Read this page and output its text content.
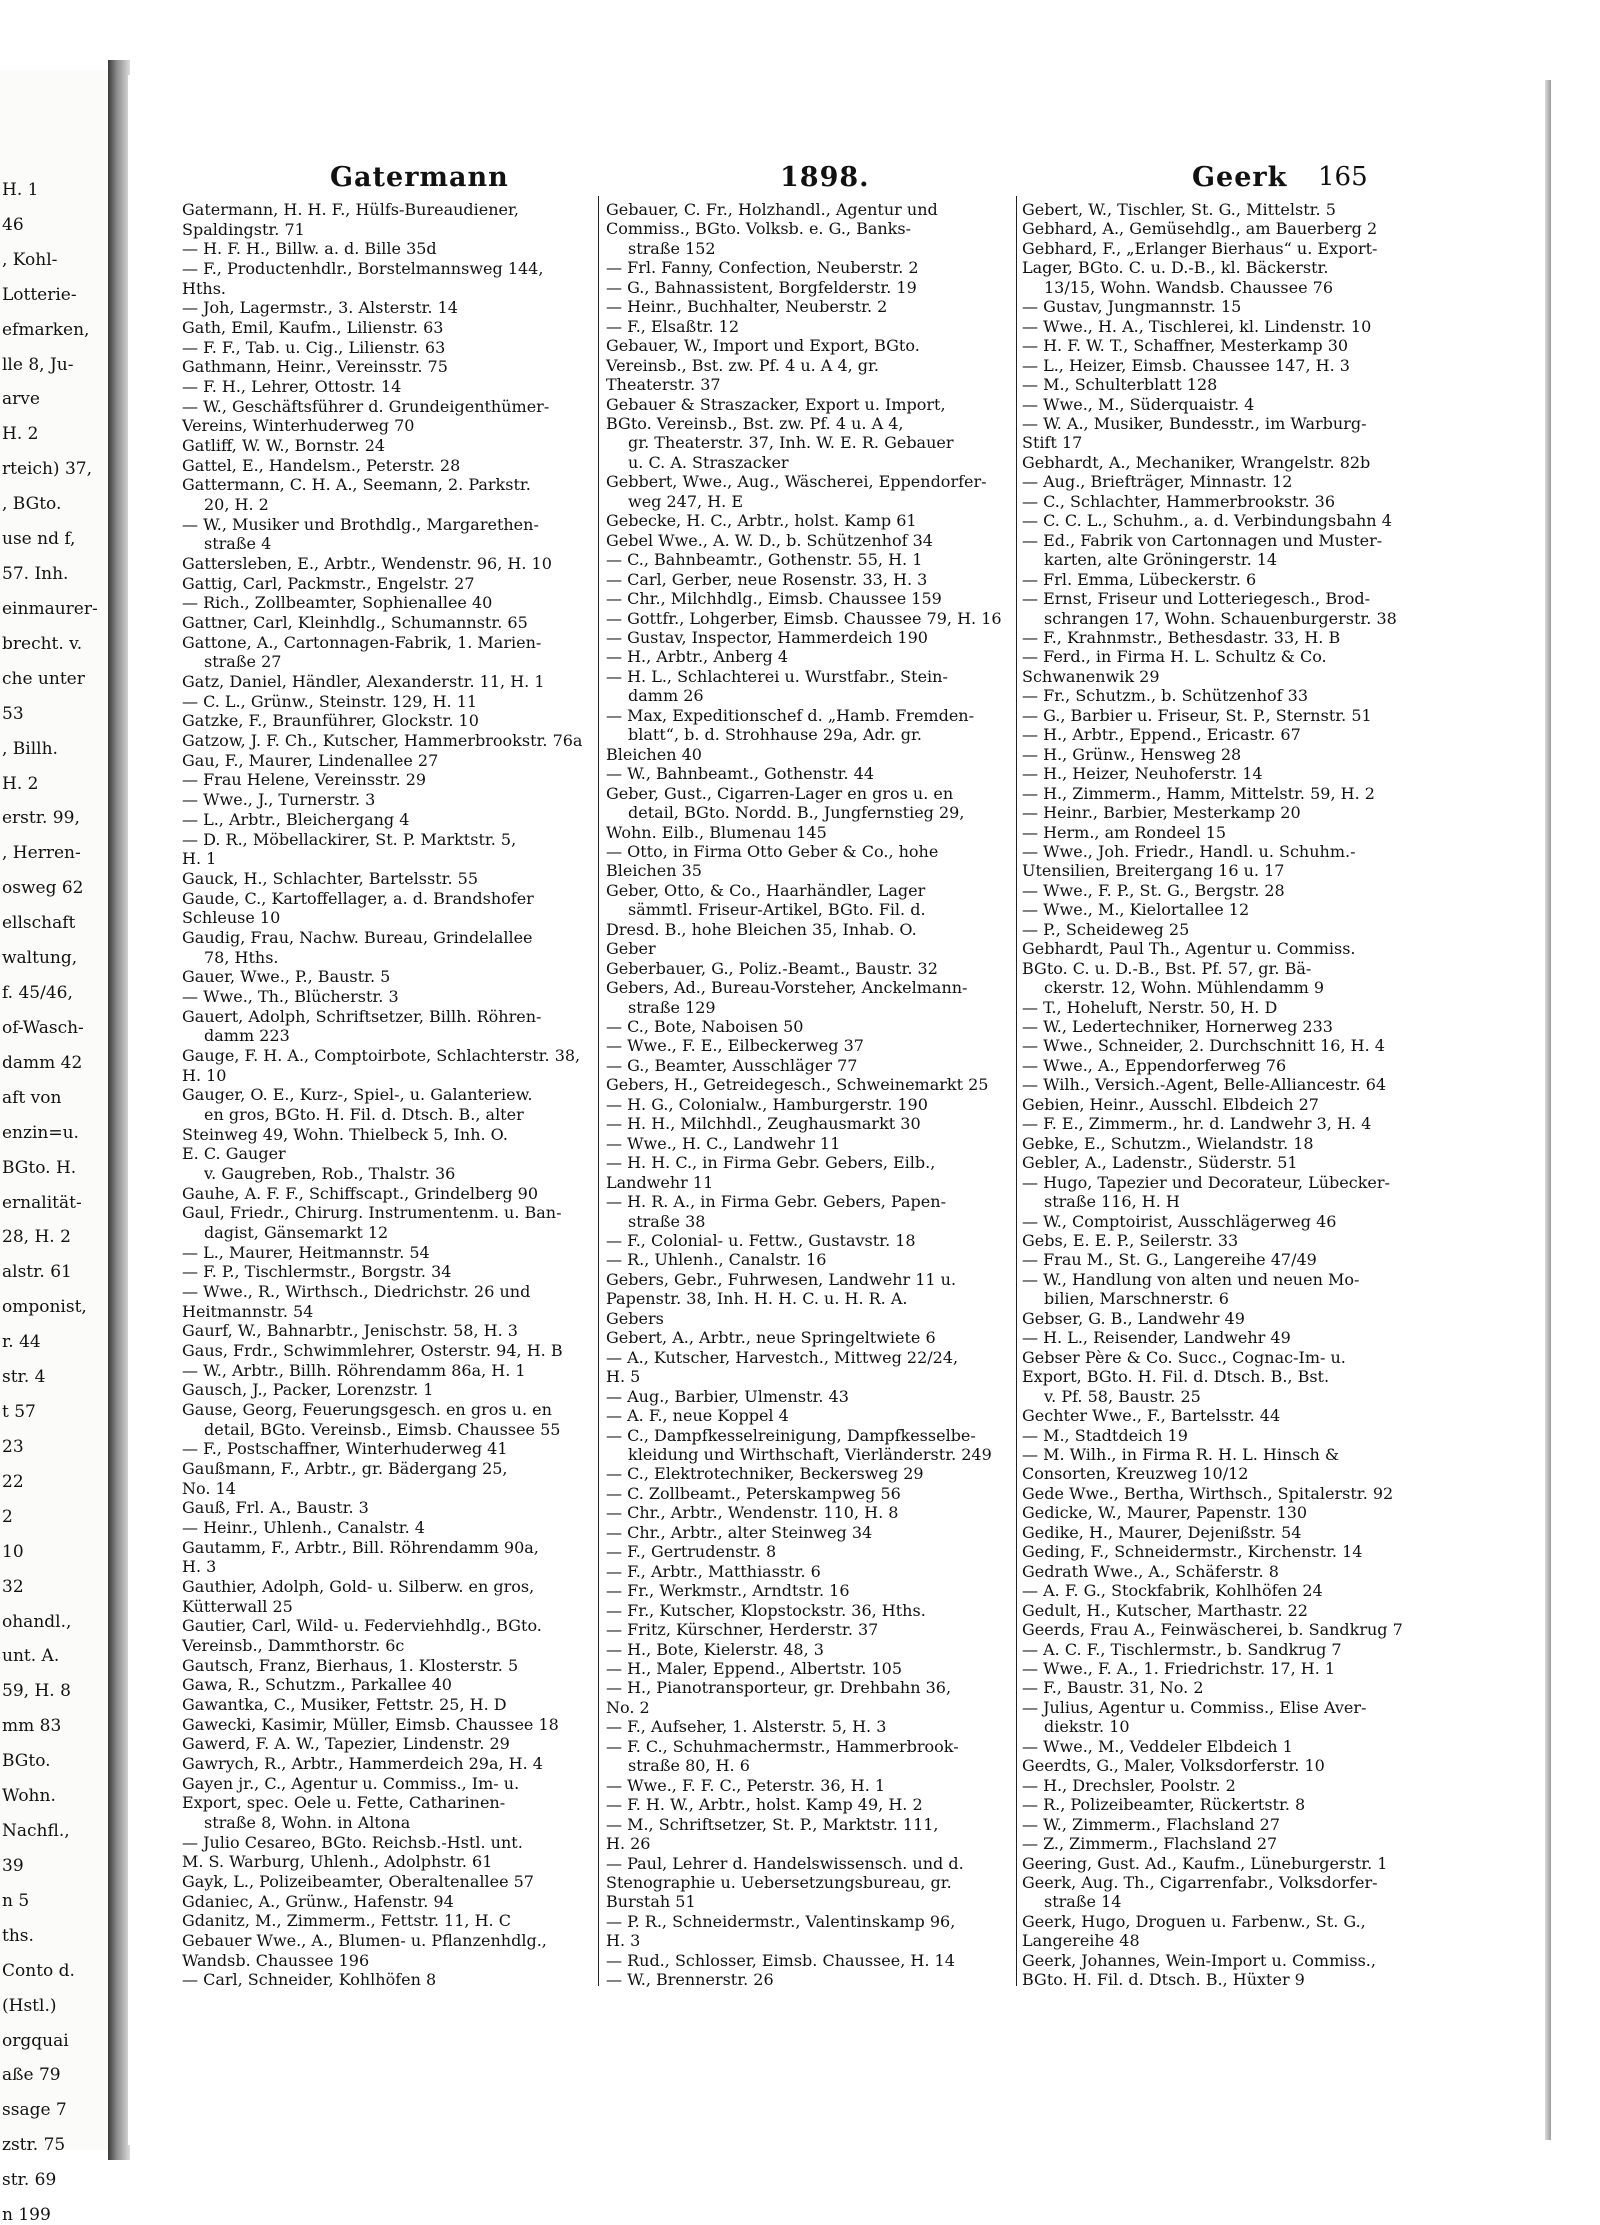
H. 1
46
, Kohl-
Lotterie-
efmarken,
lle 8, Ju-
arve
H. 2
rteich) 37,
, BGto.
use nd f,
57. Inh.
einmaurer-
brecht. v.
che unter
53
, Billh.
H. 2
erstr. 99,
, Herren-
osweg 62
ellschaft
waltung,
f. 45/46,
of-Wasch-
damm 42
aft von
enzin=u.
BGto. H.
ernalität-
28, H. 2
alstr. 61
omponist,
r. 44
str. 4
t 57
23
22
2
10
32
ohandl.,
unt. A.
59, H. 8
mm 83
BGto.
Wohn.
Nachfl.,
39
n 5
ths.
Conto d.
(Hstl.)
orgquai
aße 79
ssage 7
zstr. 75
str. 69
n 199
Gatermann	1898.	Geerk 165
Gatermann, H. H. F., Hülfs-Bureaudiener,
Spaldingstr. 71
— H. F. H., Billw. a. d. Bille 35d
— F., Productenhdlr., Borstelmannsweg 144,
Hths.
— Joh, Lagermstr., 3. Alsterstr. 14
Gath, Emil, Kaufm., Lilienstr. 63
— F. F., Tab. u. Cig., Lilienstr. 63
Gathmann, Heinr., Vereinsstr. 75
— F. H., Lehrer, Ottostr. 14
— W., Geschäftsführer d. Grundeigenthümer-
Vereins, Winterhuderweg 70
Gatliff, W. W., Bornstr. 24
Gattel, E., Handelsm., Peterstr. 28
Gattermann, C. H. A., Seemann, 2. Parkstr.
20, H. 2
— W., Musiker und Brothdlg., Margarethen-
straße 4
Gattersleben, E., Arbtr., Wendenstr. 96, H. 10
Gattig, Carl, Packmstr., Engelstr. 27
— Rich., Zollbeamter, Sophienallee 40
Gattner, Carl, Kleinhdlg., Schumannstr. 65
Gattone, A., Cartonnagen-Fabrik, 1. Marien-
straße 27
Gatz, Daniel, Händler, Alexanderstr. 11, H. 1
— C. L., Grünw., Steinstr. 129, H. 11
Gatzke, F., Braunführer, Glockstr. 10
Gatzow, J. F. Ch., Kutscher, Hammerbrookstr. 76a
Gau, F., Maurer, Lindenallee 27
— Frau Helene, Vereinsstr. 29
— Wwe., J., Turnerstr. 3
— L., Arbtr., Bleichergang 4
— D. R., Möbellackirer, St. P. Marktstr. 5,
H. 1
Gauck, H., Schlachter, Bartelsstr. 55
Gaude, C., Kartoffellager, a. d. Brandshofer
Schleuse 10
Gaudig, Frau, Nachw. Bureau, Grindelallee
78, Hths.
Gauer, Wwe., P., Baustr. 5
— Wwe., Th., Blücherstr. 3
Gauert, Adolph, Schriftsetzer, Billh. Röhren-
damm 223
Gauge, F. H. A., Comptoirbote, Schlachterstr. 38,
H. 10
Gauger, O. E., Kurz-, Spiel-, u. Galanteriew.
en gros, BGto. H. Fil. d. Dtsch. B., alter
Steinweg 49, Wohn. Thielbeck 5, Inh. O.
E. C. Gauger
v. Gaugreben, Rob., Thalstr. 36
Gauhe, A. F. F., Schiffscapt., Grindelberg 90
Gaul, Friedr., Chirurg. Instrumentenm. u. Ban-
dagist, Gänsemarkt 12
— L., Maurer, Heitmannstr. 54
— F. P., Tischlermstr., Borgstr. 34
— Wwe., R., Wirthsch., Diedrichstr. 26 und
Heitmannstr. 54
Gaurf, W., Bahnarbtr., Jenischstr. 58, H. 3
Gaus, Frdr., Schwimmlehrer, Osterstr. 94, H. B
— W., Arbtr., Billh. Röhrendamm 86a, H. 1
Gausch, J., Packer, Lorenzstr. 1
Gause, Georg, Feuerungsgesch. en gros u. en
detail, BGto. Vereinsb., Eimsb. Chaussee 55
— F., Postschaffner, Winterhuderweg 41
Gaußmann, F., Arbtr., gr. Bädergang 25,
No. 14
Gauß, Frl. A., Baustr. 3
— Heinr., Uhlenh., Canalstr. 4
Gautamm, F., Arbtr., Bill. Röhrendamm 90a,
H. 3
Gauthier, Adolph, Gold- u. Silberw. en gros,
Kütterwall 25
Gautier, Carl, Wild- u. Federviehhdlg., BGto.
Vereinsb., Dammthorstr. 6c
Gautsch, Franz, Bierhaus, 1. Klosterstr. 5
Gawa, R., Schutzm., Parkallee 40
Gawantka, C., Musiker, Fettstr. 25, H. D
Gawecki, Kasimir, Müller, Eimsb. Chaussee 18
Gawerd, F. A. W., Tapezier, Lindenstr. 29
Gawrych, R., Arbtr., Hammerdeich 29a, H. 4
Gayen jr., C., Agentur u. Commiss., Im- u.
Export, spec. Oele u. Fette, Catharinen-
straße 8, Wohn. in Altona
— Julio Cesareo, BGto. Reichsb.-Hstl. unt.
M. S. Warburg, Uhlenh., Adolphstr. 61
Gayk, L., Polizeibeamter, Oberaltenallee 57
Gdaniec, A., Grünw., Hafenstr. 94
Gdanitz, M., Zimmerm., Fettstr. 11, H. C
Gebauer Wwe., A., Blumen- u. Pflanzenhdlg.,
Wandsb. Chaussee 196
— Carl, Schneider, Kohlhöfen 8
Gebauer, C. Fr., Holzhandl., Agentur und
Commiss., BGto. Volksb. e. G., Banks-
straße 152
— Frl. Fanny, Confection, Neuberstr. 2
— G., Bahnassistent, Borgfelderstr. 19
— Heinr., Buchhalter, Neuberstr. 2
— F., Elsaßtr. 12
Gebauer, W., Import und Export, BGto.
Vereinsb., Bst. zw. Pf. 4 u. A 4, gr.
Theaterstr. 37
Gebauer & Straszacker, Export u. Import,
BGto. Vereinsb., Bst. zw. Pf. 4 u. A 4,
gr. Theaterstr. 37, Inh. W. E. R. Gebauer
u. C. A. Straszacker
Gebbert, Wwe., Aug., Wäscherei, Eppendorfer-
weg 247, H. E
Gebecke, H. C., Arbtr., holst. Kamp 61
Gebel Wwe., A. W. D., b. Schützenhof 34
— C., Bahnbeamtr., Gothenstr. 55, H. 1
— Carl, Gerber, neue Rosenstr. 33, H. 3
— Chr., Milchhdlg., Eimsb. Chaussee 159
— Gottfr., Lohgerber, Eimsb. Chaussee 79, H. 16
— Gustav, Inspector, Hammerdeich 190
— H., Arbtr., Anberg 4
— H. L., Schlachterei u. Wurstfabr., Stein-
damm 26
— Max, Expeditionschef d. „Hamb. Fremden-
blatt“, b. d. Strohhause 29a, Adr. gr.
Bleichen 40
— W., Bahnbeamt., Gothenstr. 44
Geber, Gust., Cigarren-Lager en gros u. en
detail, BGto. Nordd. B., Jungfernstieg 29,
Wohn. Eilb., Blumenau 145
— Otto, in Firma Otto Geber & Co., hohe
Bleichen 35
Geber, Otto, & Co., Haarhändler, Lager
sämmtl. Friseur-Artikel, BGto. Fil. d.
Dresd. B., hohe Bleichen 35, Inhab. O.
Geber
Geberbauer, G., Poliz.-Beamt., Baustr. 32
Gebers, Ad., Bureau-Vorsteher, Anckelmann-
straße 129
— C., Bote, Naboisen 50
— Wwe., F. E., Eilbeckerweg 37
— G., Beamter, Ausschläger 77
Gebers, H., Getreidegesch., Schweinemarkt 25
— H. G., Colonialw., Hamburgerstr. 190
— H. H., Milchhdl., Zeughausmarkt 30
— Wwe., H. C., Landwehr 11
— H. H. C., in Firma Gebr. Gebers, Eilb.,
Landwehr 11
— H. R. A., in Firma Gebr. Gebers, Papen-
straße 38
— F., Colonial- u. Fettw., Gustavstr. 18
— R., Uhlenh., Canalstr. 16
Gebers, Gebr., Fuhrwesen, Landwehr 11 u.
Papenstr. 38, Inh. H. H. C. u. H. R. A.
Gebers
Gebert, A., Arbtr., neue Springeltwiete 6
— A., Kutscher, Harvestch., Mittweg 22/24,
H. 5
— Aug., Barbier, Ulmenstr. 43
— A. F., neue Koppel 4
— C., Dampfkesselreinigung, Dampfkesselbe-
kleidung und Wirthschaft, Vierländerstr. 249
— C., Elektrotechniker, Beckersweg 29
— C. Zollbeamt., Peterskampweg 56
— Chr., Arbtr., Wendenstr. 110, H. 8
— Chr., Arbtr., alter Steinweg 34
— F., Gertrudenstr. 8
— F., Arbtr., Matthiasstr. 6
— Fr., Werkmstr., Arndtstr. 16
— Fr., Kutscher, Klopstockstr. 36, Hths.
— Fritz, Kürschner, Herderstr. 37
— H., Bote, Kielerstr. 48, 3
— H., Maler, Eppend., Albertstr. 105
— H., Pianotransporteur, gr. Drehbahn 36,
No. 2
— F., Aufseher, 1. Alsterstr. 5, H. 3
— F. C., Schuhmachermstr., Hammerbrook-
straße 80, H. 6
— Wwe., F. F. C., Peterstr. 36, H. 1
— F. H. W., Arbtr., holst. Kamp 49, H. 2
— M., Schriftsetzer, St. P., Marktstr. 111,
H. 26
— Paul, Lehrer d. Handelswissensch. und d.
Stenographie u. Uebersetzungsbureau, gr.
Burstah 51
— P. R., Schneidermstr., Valentinskamp 96,
H. 3
— Rud., Schlosser, Eimsb. Chaussee, H. 14
— W., Brennerstr. 26
Gebert, W., Tischler, St. G., Mittelstr. 5
Gebhard, A., Gemüsehdlg., am Bauerberg 2
Gebhard, F., „Erlanger Bierhaus“ u. Export-
Lager, BGto. C. u. D.-B., kl. Bäckerstr.
13/15, Wohn. Wandsb. Chaussee 76
— Gustav, Jungmannstr. 15
— Wwe., H. A., Tischlerei, kl. Lindenstr. 10
— H. F. W. T., Schaffner, Mesterkamp 30
— L., Heizer, Eimsb. Chaussee 147, H. 3
— M., Schulterblatt 128
— Wwe., M., Süderquaistr. 4
— W. A., Musiker, Bundesstr., im Warburg-
Stift 17
Gebhardt, A., Mechaniker, Wrangelstr. 82b
— Aug., Briefträger, Minnastr. 12
— C., Schlachter, Hammerbrookstr. 36
— C. C. L., Schuhm., a. d. Verbindungsbahn 4
— Ed., Fabrik von Cartonnagen und Muster-
karten, alte Gröningerstr. 14
— Frl. Emma, Lübeckerstr. 6
— Ernst, Friseur und Lotteriegesch., Brod-
schrangen 17, Wohn. Schauenburgerstr. 38
— F., Krahnmstr., Bethesdastr. 33, H. B
— Ferd., in Firma H. L. Schultz & Co.
Schwanenwik 29
— Fr., Schutzm., b. Schützenhof 33
— G., Barbier u. Friseur, St. P., Sternstr. 51
— H., Arbtr., Eppend., Ericastr. 67
— H., Grünw., Hensweg 28
— H., Heizer, Neuhoferstr. 14
— H., Zimmerm., Hamm, Mittelstr. 59, H. 2
— Heinr., Barbier, Mesterkamp 20
— Herm., am Rondeel 15
— Wwe., Joh. Friedr., Handl. u. Schuhm.-
Utensilien, Breitergang 16 u. 17
— Wwe., F. P., St. G., Bergstr. 28
— Wwe., M., Kielortallee 12
— P., Scheideweg 25
Gebhardt, Paul Th., Agentur u. Commiss.
BGto. C. u. D.-B., Bst. Pf. 57, gr. Bä-
ckerstr. 12, Wohn. Mühlendamm 9
— T., Hoheluft, Nerstr. 50, H. D
— W., Ledertechniker, Hornerweg 233
— Wwe., Schneider, 2. Durchschnitt 16, H. 4
— Wwe., A., Eppendorferweg 76
— Wilh., Versich.-Agent, Belle-Alliancestr. 64
Gebien, Heinr., Ausschl. Elbdeich 27
— F. E., Zimmerm., hr. d. Landwehr 3, H. 4
Gebke, E., Schutzm., Wielandstr. 18
Gebler, A., Ladenstr., Süderstr. 51
— Hugo, Tapezier und Decorateur, Lübecker-
straße 116, H. H
— W., Comptoirist, Ausschlägerweg 46
Gebs, E. E. P., Seilerstr. 33
— Frau M., St. G., Langereihe 47/49
— W., Handlung von alten und neuen Mo-
bilien, Marschnerstr. 6
Gebser, G. B., Landwehr 49
— H. L., Reisender, Landwehr 49
Gebser Père & Co. Succ., Cognac-Im- u.
Export, BGto. H. Fil. d. Dtsch. B., Bst.
v. Pf. 58, Baustr. 25
Gechter Wwe., F., Bartelsstr. 44
— M., Stadtdeich 19
— M. Wilh., in Firma R. H. L. Hinsch &
Consorten, Kreuzweg 10/12
Gede Wwe., Bertha, Wirthsch., Spitalerstr. 92
Gedicke, W., Maurer, Papenstr. 130
Gedike, H., Maurer, Dejenißstr. 54
Geding, F., Schneidermstr., Kirchenstr. 14
Gedrath Wwe., A., Schäferstr. 8
— A. F. G., Stockfabrik, Kohlhöfen 24
Gedult, H., Kutscher, Marthastr. 22
Geerds, Frau A., Feinwäscherei, b. Sandkrug 7
— A. C. F., Tischlermstr., b. Sandkrug 7
— Wwe., F. A., 1. Friedrichstr. 17, H. 1
— F., Baustr. 31, No. 2
— Julius, Agentur u. Commiss., Elise Aver-
diekstr. 10
— Wwe., M., Veddeler Elbdeich 1
Geerdts, G., Maler, Volksdorferstr. 10
— H., Drechsler, Poolstr. 2
— R., Polizeibeamter, Rückertstr. 8
— W., Zimmerm., Flachsland 27
— Z., Zimmerm., Flachsland 27
Geering, Gust. Ad., Kaufm., Lüneburgerstr. 1
Geerk, Aug. Th., Cigarrenfabr., Volksdorfer-
straße 14
Geerk, Hugo, Droguen u. Farbenw., St. G.,
Langereihe 48
Geerk, Johannes, Wein-Import u. Commiss.,
BGto. H. Fil. d. Dtsch. B., Hüxter 9
